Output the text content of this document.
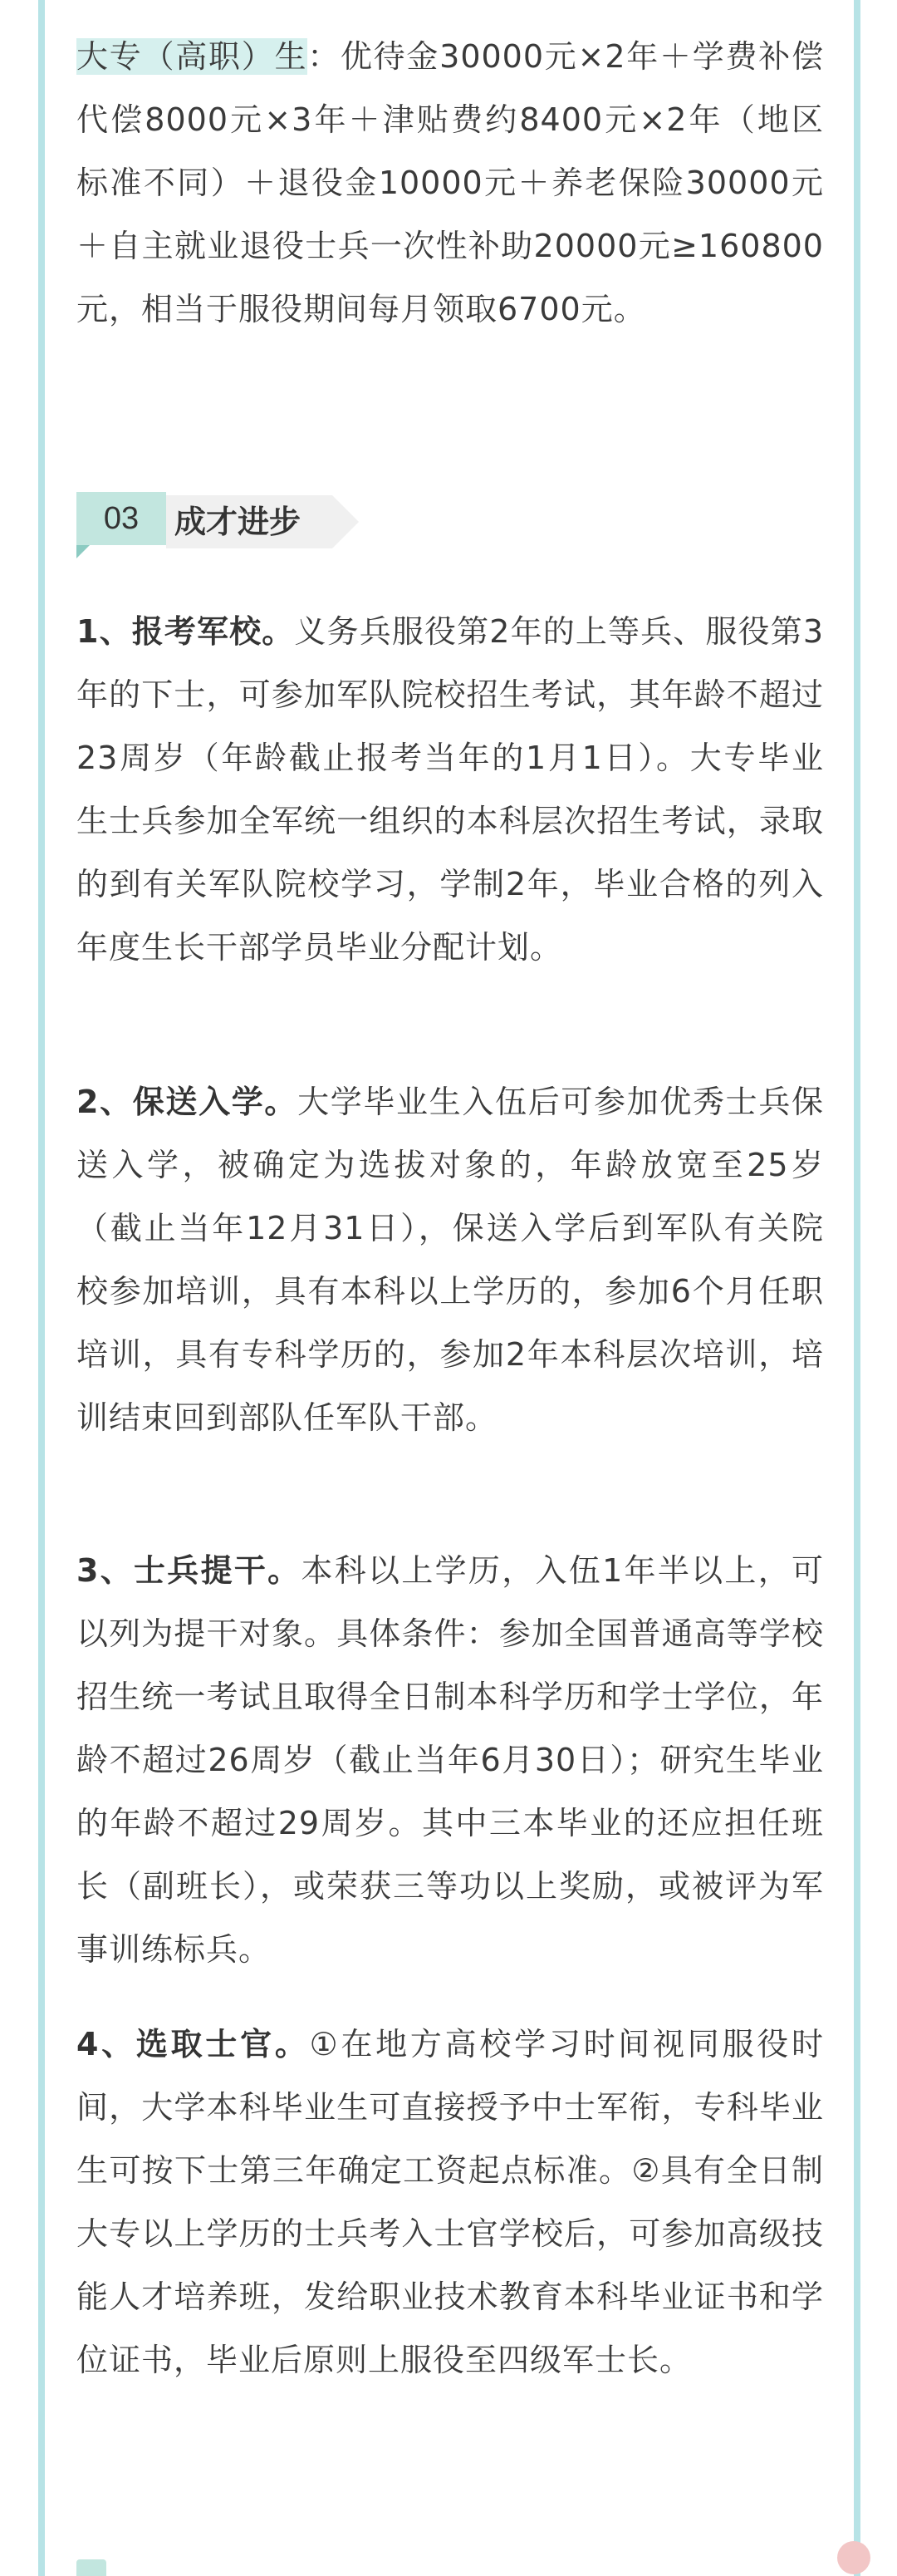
大专（高职）生：优待金30000元×2年＋学费补偿代偿8000元×3年＋津贴费约8400元×2年（地区标准不同）＋退役金10000元＋养老保险30000元＋自主就业退役士兵一次性补助20000元≥160800元，相当于服役期间每月领取6700元。

03	成才进步

1、报考军校。义务兵服役第2年的上等兵、服役第3年的下士，可参加军队院校招生考试，其年龄不超过23周岁（年龄截止报考当年的1月1日）。大专毕业生士兵参加全军统一组织的本科层次招生考试，录取的到有关军队院校学习，学制2年，毕业合格的列入年度生长干部学员毕业分配计划。

2、保送入学。大学毕业生入伍后可参加优秀士兵保送入学，被确定为选拔对象的，年龄放宽至25岁（截止当年12月31日），保送入学后到军队有关院校参加培训，具有本科以上学历的，参加6个月任职培训，具有专科学历的，参加2年本科层次培训，培训结束回到部队任军队干部。

3、士兵提干。本科以上学历，入伍1年半以上，可以列为提干对象。具体条件：参加全国普通高等学校招生统一考试且取得全日制本科学历和学士学位，年龄不超过26周岁（截止当年6月30日）；研究生毕业的年龄不超过29周岁。其中三本毕业的还应担任班长（副班长），或荣获三等功以上奖励，或被评为军事训练标兵。

4、选取士官。①在地方高校学习时间视同服役时间，大学本科毕业生可直接授予中士军衔，专科毕业生可按下士第三年确定工资起点标准。②具有全日制大专以上学历的士兵考入士官学校后，可参加高级技能人才培养班，发给职业技术教育本科毕业证书和学位证书，毕业后原则上服役至四级军士长。
